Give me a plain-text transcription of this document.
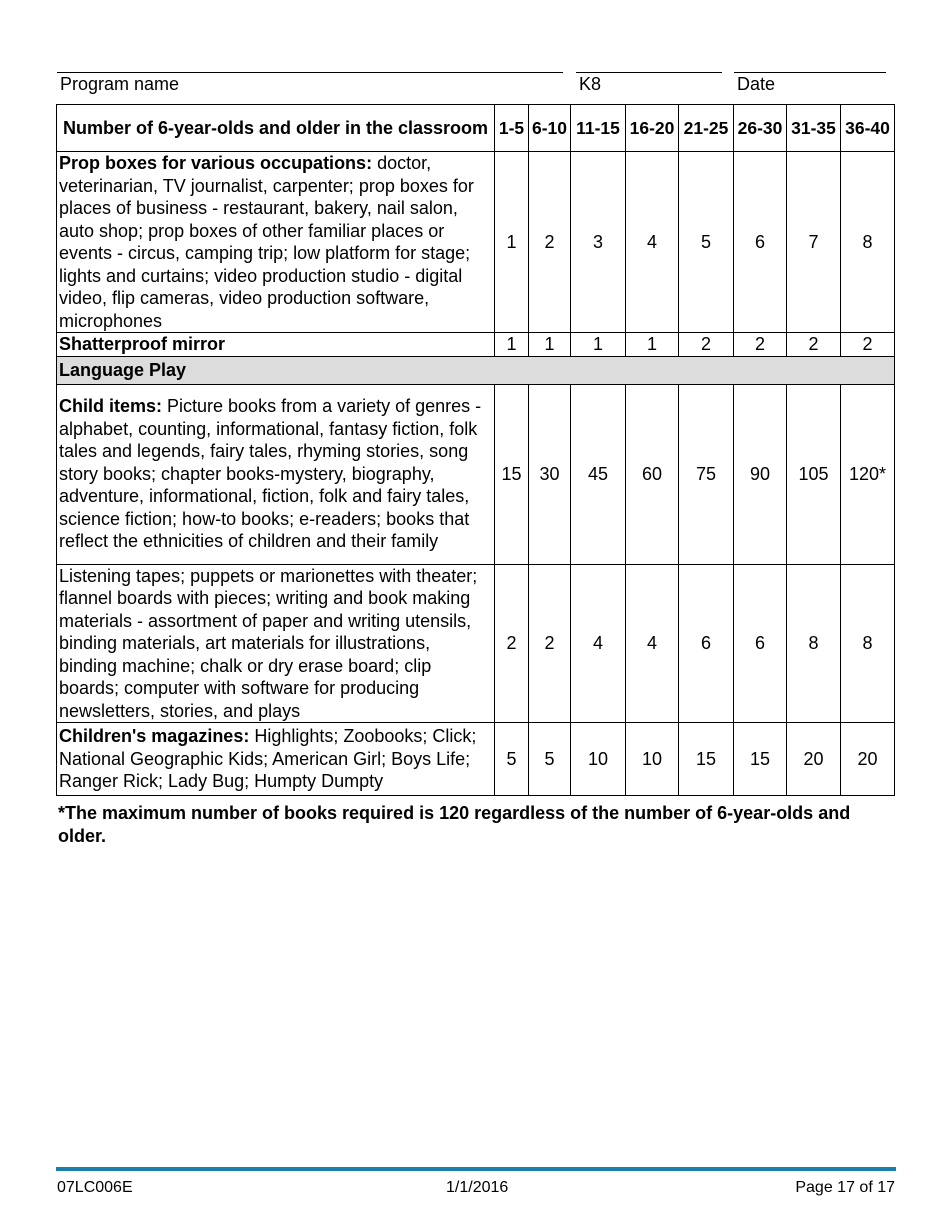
Program name	K8	Date
Number of 6-year-olds and older in the classroom	1-5	6-10	11-15	16-20	21-25	26-30	31-35	36-40
Prop boxes for various occupations: doctor, veterinarian, TV journalist, carpenter; prop boxes for places of business - restaurant, bakery, nail salon, auto shop; prop boxes of other familiar places or events - circus, camping trip; low platform for stage; lights and curtains; video production studio - digital video, flip cameras, video production software, microphones	1	2	3	4	5	6	7	8
Shatterproof mirror	1	1	1	1	2	2	2	2
Language Play								
Child items: Picture books from a variety of genres - alphabet, counting, informational, fantasy fiction, folk tales and legends, fairy tales, rhyming stories, song story books; chapter books-mystery, biography, adventure, informational, fiction, folk and fairy tales, science fiction; how-to books; e-readers; books that reflect the ethnicities of children and their family	15	30	45	60	75	90	105	120*
Listening tapes; puppets or marionettes with theater; flannel boards with pieces; writing and book making materials - assortment of paper and writing utensils, binding materials, art materials for illustrations, binding machine; chalk or dry erase board; clip boards; computer with software for producing newsletters, stories, and plays	2	2	4	4	6	6	8	8
Children's magazines: Highlights; Zoobooks; Click; National Geographic Kids; American Girl; Boys Life; Ranger Rick; Lady Bug; Humpty Dumpty	5	5	10	10	15	15	20	20
*The maximum number of books required is 120 regardless of the number of 6-year-olds and older.
07LC006E	1/1/2016	Page 17 of 17
